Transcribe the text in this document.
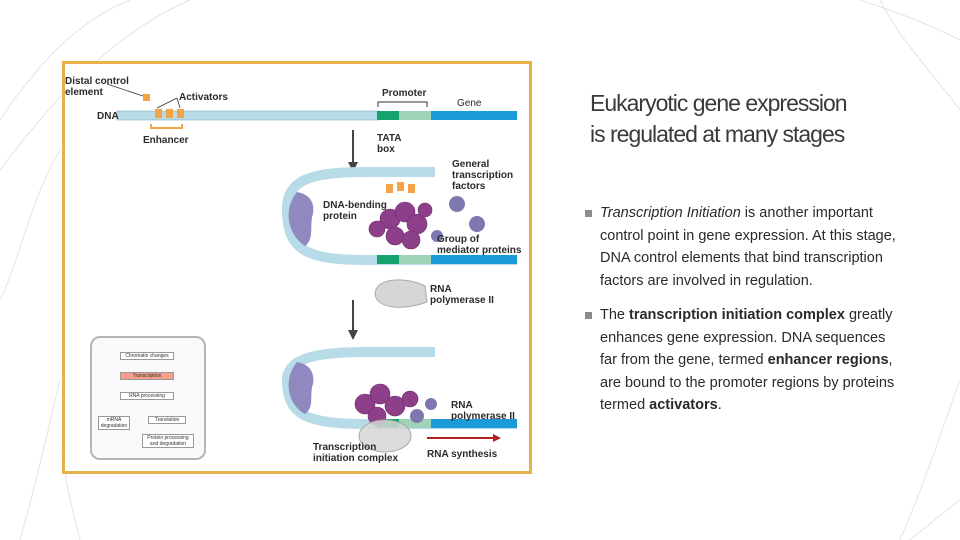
Distal control
element	Activators	Promoter
Gene
DNA
Enhancer	TATA
box
General
transcription
factors
DNA-bending
protein
Group of
mediator proteins
RNA
polymerase II
RNA
polymerase II
Transcription
initiation complex	RNA synthesis
Chromatin changes
Transcription
RNA processing
mRNA
degradation
Translation
Protein processing
and degradation
Eukaryotic gene expression
is regulated at many stages
Transcription Initiation is another important control point in gene expression. At this stage, DNA control elements that bind transcription factors are involved in regulation.
The transcription initiation complex greatly enhances gene expression. DNA sequences far from the gene, termed enhancer regions, are bound to the promoter regions by proteins termed activators.
